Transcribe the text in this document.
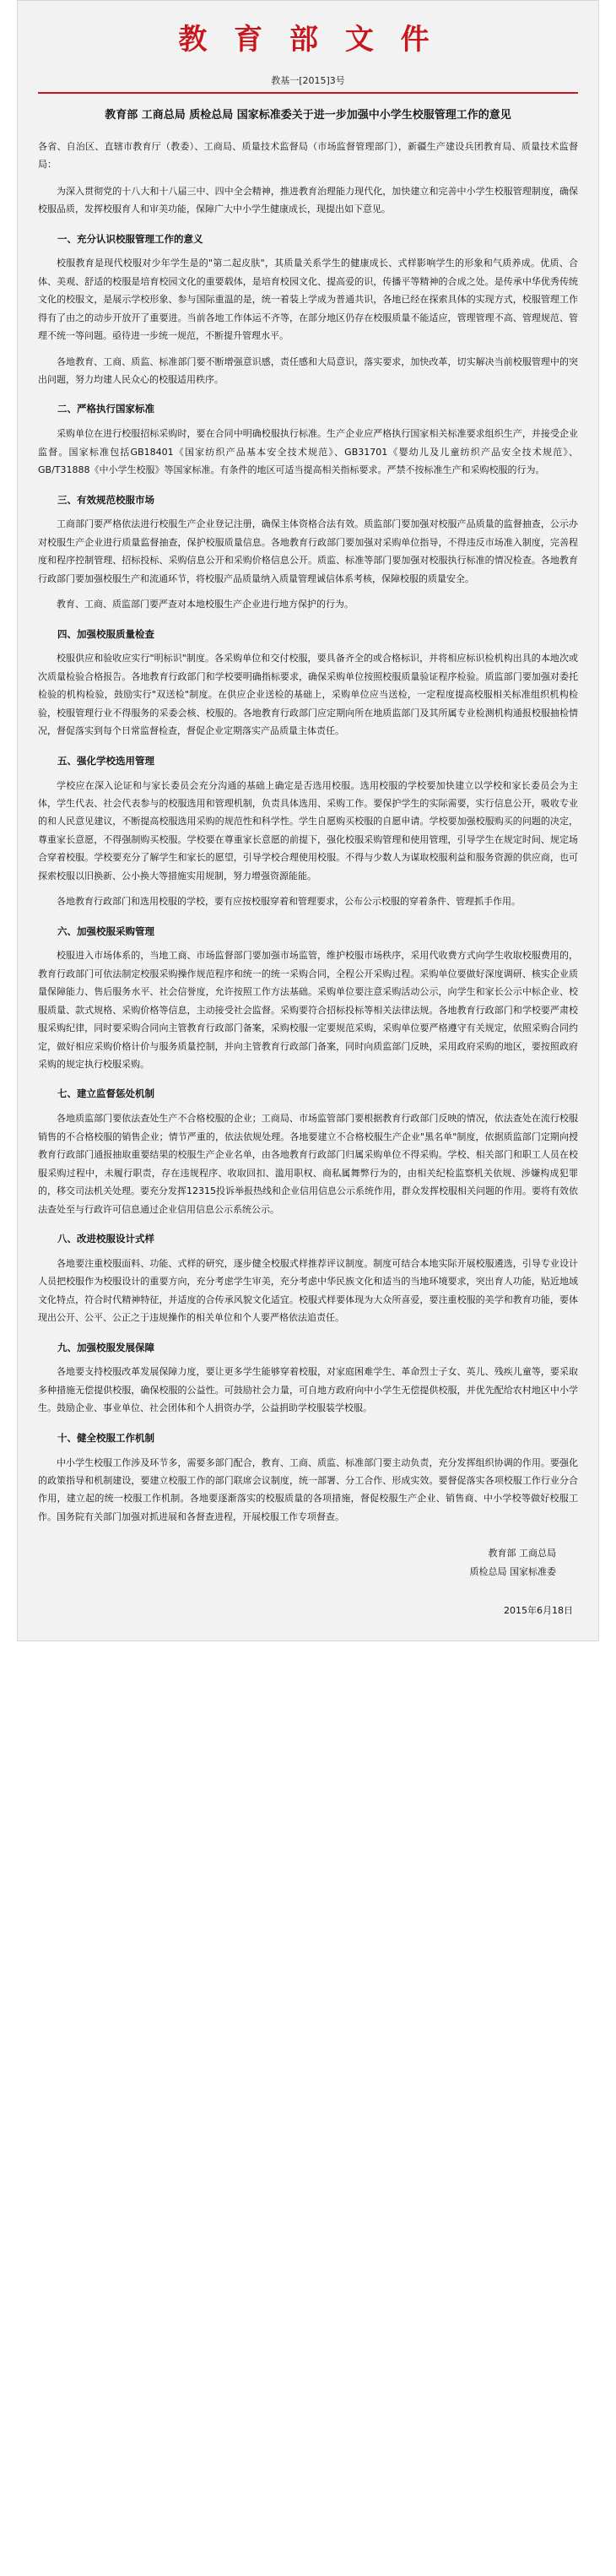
教 育 部 文 件
教基一[2015]3号
教育部 工商总局 质检总局 国家标准委关于进一步加强中小学生校服管理工作的意见
各省、自治区、直辖市教育厅（教委）、工商局、质量技术监督局（市场监督管理部门），新疆生产建设兵团教育局、质量技术监督局：

为深入贯彻党的十八大和十八届三中、四中全会精神，推进教育治理能力现代化，加快建立和完善中小学生校服管理制度，确保校服品质，发挥校服育人和审美功能，保障广大中小学生健康成长，现提出如下意见。

一、充分认识校服管理工作的意义

校服教育是现代校服对少年学生是的"第二起皮肤"，其质量关系学生的健康成长、式样影响学生的形象和气质养成。优质、合体、美观、舒适的校服是培育校园文化的重要载体，是培育校园文化、提高爱的识，传播平等精神的合成之处。是传承中华优秀传统文化的校服文，是展示学校形象、参与国际重温的是，统一着装上学成为普通共识，各地已经在探索具体的实现方式，校服管理工作得有了由之的动步开放开了重要进。当前各地工作体运不齐等，在部分地区仍存在校服质量不能适应，管理管理不高、管理规范、管理不统一等问题。亟待进一步统一规范，不断提升管理水平。

各地教育、工商、质监、标准部门要不断增强意识感，责任感和大局意识，落实要求，加快改革，切实解决当前校服管理中的突出问题，努力均建人民众心的校服适用秩序。

二、严格执行国家标准

采购单位在进行校服招标采购时，要在合同中明确校服执行标准。生产企业应严格执行国家相关标准要求组织生产，并接受企业监督。国家标准包括GB18401《国家纺织产品基本安全技术规范》、GB31701《婴幼儿及儿童纺织产品安全技术规范》、GB/T31888《中小学生校服》等国家标准。有条件的地区可适当提高相关指标要求。严禁不按标准生产和采购校服的行为。

三、有效规范校服市场

工商部门要严格依法进行校服生产企业登记注册，确保主体资格合法有效。质监部门要加强对校服产品质量的监督抽查，公示办对校服生产企业进行质量监督抽查，保护校服质量信息。各地教育行政部门要加强对采购单位指导，不得违反市场准入制度，完善程度和程序控制管理、招标投标、采购信息公开和采购价格信息公开。质监、标准等部门要加强对校服执行标准的情况检查。各地教育行政部门要加强校服生产和流通环节，将校服产品质量纳入质量管理诚信体系考核，保障校服的质量安全。

教育、工商、质监部门要严查对本地校服生产企业进行地方保护的行为。

四、加强校服质量检查

校服供应和验收应实行"明标识"制度。各采购单位和交付校服，要具备齐全的或合格标识，并将相应标识检机构出具的本地次或次质量检验合格报告。各地教育行政部门和学校要明确指标要求，确保采购单位按照校服质量验证程序检验。质监部门要加强对委托检验的机构检验，鼓励实行"双送检"制度。在供应企业送检的基础上，采购单位应当送检，一定程度提高校服相关标准组织机构检验，校服管理行业不得服务的采委会核、校服的。各地教育行政部门应定期向所在地质监部门及其所属专业检测机构通报校服抽检情况，督促落实到每个日常监督检查，督促企业定期落实产品质量主体责任。

五、强化学校选用管理

学校应在深入论证和与家长委员会充分沟通的基础上确定是否选用校服。选用校服的学校要加快建立以学校和家长委员会为主体，学生代表、社会代表参与的校服选用和管理机制，负责具体选用、采购工作。要保护学生的实际需要，实行信息公开，吸收专业的和人民意见建议，不断提高校服选用采购的规范性和科学性。学生自愿购买校服的自愿申请。学校要加强校服购买的问题的决定，尊重家长意愿，不得强制购买校服。学校要在尊重家长意愿的前提下，强化校服采购管理和使用管理，引导学生在规定时间、规定场合穿着校服。学校要充分了解学生和家长的愿望，引导学校合理使用校服。不得与少数人为谋取校服利益和服务资源的供应商，也可探索校服以旧换新、公小换大等措施实用规制，努力增强资源能能。

各地教育行政部门和选用校服的学校，要有应按校服穿着和管理要求，公布公示校服的穿着条件、管理抓手作用。

六、加强校服采购管理

校服进入市场体系的，当地工商、市场监督部门要加强市场监管，维护校服市场秩序，采用代收费方式向学生收取校服费用的，教育行政部门可依法制定校服采购操作规范程序和统一的统一采购合同，全程公开采购过程。采购单位要做好深度调研、核实企业质量保障能力、售后服务水平、社会信誉度，允许按照工作方法基础。采购单位要注意采购活动公示，向学生和家长公示中标企业、校服质量、款式规格、采购价格等信息，主动接受社会监督。采购要符合招标投标等相关法律法规。各地教育行政部门和学校要严肃校服采购纪律，同时要采购合同向主管教育行政部门备案，采购校服一定要规范采购，采购单位要严格遵守有关规定，依照采购合同约定，做好相应采购价格计价与服务质量控制，并向主管教育行政部门备案，同时向质监部门反映，采用政府采购的地区，要按照政府采购的规定执行校服采购。

七、建立监督惩处机制

各地质监部门要依法查处生产不合格校服的企业；工商局、市场监管部门要根据教育行政部门反映的情况，依法查处在流行校服销售的不合格校服的销售企业；情节严重的，依法依规处理。各地要建立不合格校服生产企业"黑名单"制度，依据质监部门定期向授教育行政部门通报抽取重要结果的校服生产企业名单，由各地教育行政部门归属采购单位不得采购。学校、相关部门和职工人员在校服采购过程中，未履行职责，存在违规程序、收取回扣、滥用职权、商私属舞弊行为的，由相关纪检监察机关依规、涉嫌构成犯罪的，移交司法机关处理。要充分发挥12315投诉举报热线和企业信用信息公示系统作用，群众发挥校服相关问题的作用。要将有效依法查处至与行政许可信息通过企业信用信息公示系统公示。

八、改进校服设计式样

各地要注重校服面料、功能、式样的研究，逐步健全校服式样推荐评议制度。制度可结合本地实际开展校服遴选，引导专业设计人员把校服作为校服设计的重要方向，充分考虑学生审美，充分考虑中华民族文化和适当的当地环境要求，突出育人功能，贴近地域文化特点，符合时代精神特征，并适度的合传承风貌文化适宜。校服式样要体现为大众所喜爱，要注重校服的美学和教育功能，要体现出公开、公平、公正之于违规操作的相关单位和个人要严格依法追责任。

九、加强校服发展保障

各地要支持校服改革发展保障力度，要让更多学生能够穿着校服，对家庭困难学生、革命烈士子女、英儿、残疾儿童等，要采取多种措施无偿提供校服，确保校服的公益性。可鼓励社会力量，可自地方政府向中小学生无偿提供校服，并优先配给农村地区中小学生。鼓励企业、事业单位、社会团体和个人捐资办学，公益捐助学校服装学校服。

十、健全校服工作机制

中小学生校服工作涉及环节多，需要多部门配合，教育、工商、质监、标准部门要主动负责，充分发挥组织协调的作用。要强化的政策指导和机制建设，要建立校服工作的部门联席会议制度，统一部署、分工合作、形成实效。要督促落实各项校服工作行业分合作用，建立起的统一校服工作机制。各地要逐渐落实的校服质量的各项措施，督促校服生产企业、销售商、中小学校等做好校服工作。国务院有关部门加强对抓进展和各督查进程，开展校服工作专项督查。

教育部 工商总局
质检总局 国家标准委
2015年6月18日
